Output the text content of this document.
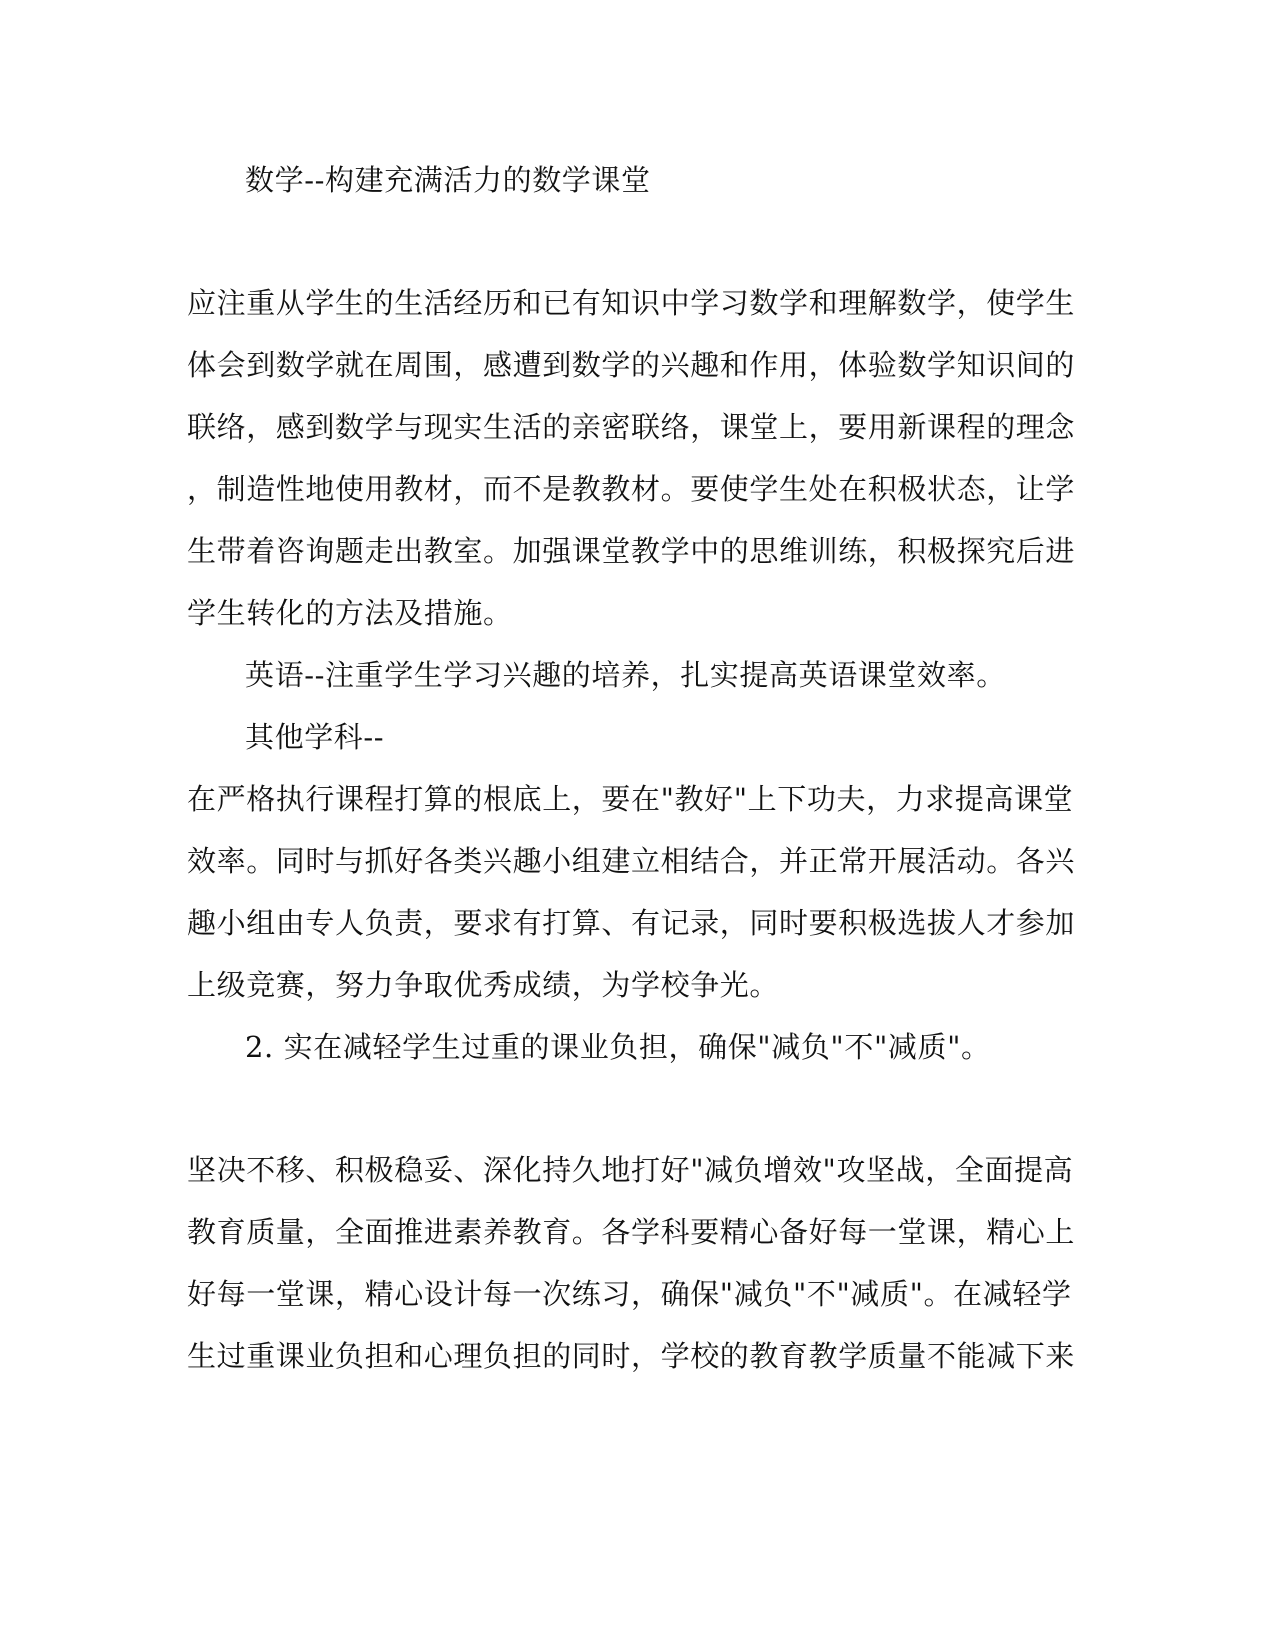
数学--构建充满活力的数学课堂
应注重从学生的生活经历和已有知识中学习数学和理解数学，使学生
体会到数学就在周围，感遭到数学的兴趣和作用，体验数学知识间的
联络，感到数学与现实生活的亲密联络，课堂上，要用新课程的理念
，制造性地使用教材，而不是教教材。要使学生处在积极状态，让学
生带着咨询题走出教室。加强课堂教学中的思维训练，积极探究后进
学生转化的方法及措施。
英语--注重学生学习兴趣的培养，扎实提高英语课堂效率。
其他学科--
在严格执行课程打算的根底上，要在"教好"上下功夫，力求提高课堂
效率。同时与抓好各类兴趣小组建立相结合，并正常开展活动。各兴
趣小组由专人负责，要求有打算、有记录，同时要积极选拔人才参加
上级竞赛，努力争取优秀成绩，为学校争光。
2. 实在减轻学生过重的课业负担，确保"减负"不"减质"。
坚决不移、积极稳妥、深化持久地打好"减负增效"攻坚战，全面提高
教育质量，全面推进素养教育。各学科要精心备好每一堂课，精心上
好每一堂课，精心设计每一次练习，确保"减负"不"减质"。在减轻学
生过重课业负担和心理负担的同时，学校的教育教学质量不能减下来
